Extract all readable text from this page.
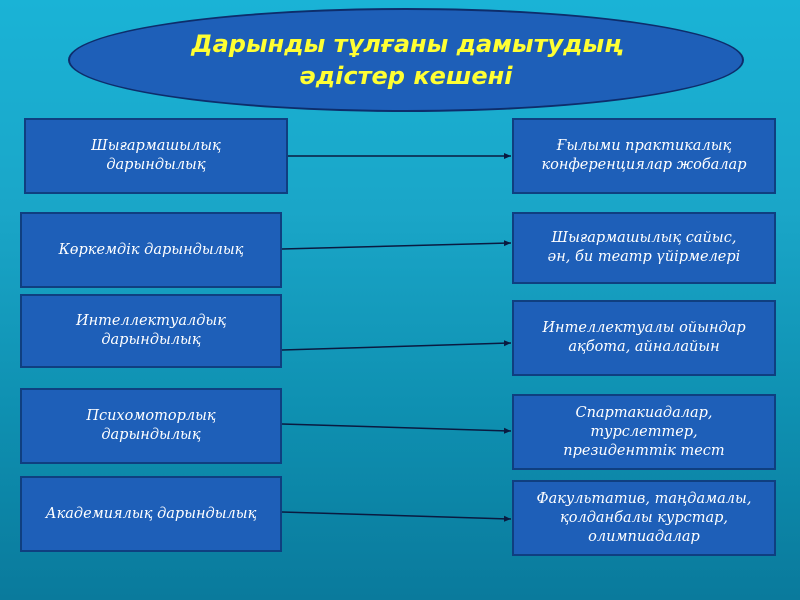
Дарынды тұлғаны дамытудың
әдістер кешені
Шығармашылық
дарындылық
Көркемдік дарындылық
Интеллектуалдық
дарындылық
Психомоторлық
дарындылық
Академиялық дарындылық
Ғылыми практикалық
конференциялар жобалар
Шығармашылық сайыс,
ән, би театр үйірмелері
Интеллектуалы ойындар
ақбота, айналайын
Спартакиадалар,
турслеттер,
президенттік тест
Факультатив, таңдамалы,
қолданбалы курстар,
олимпиадалар
